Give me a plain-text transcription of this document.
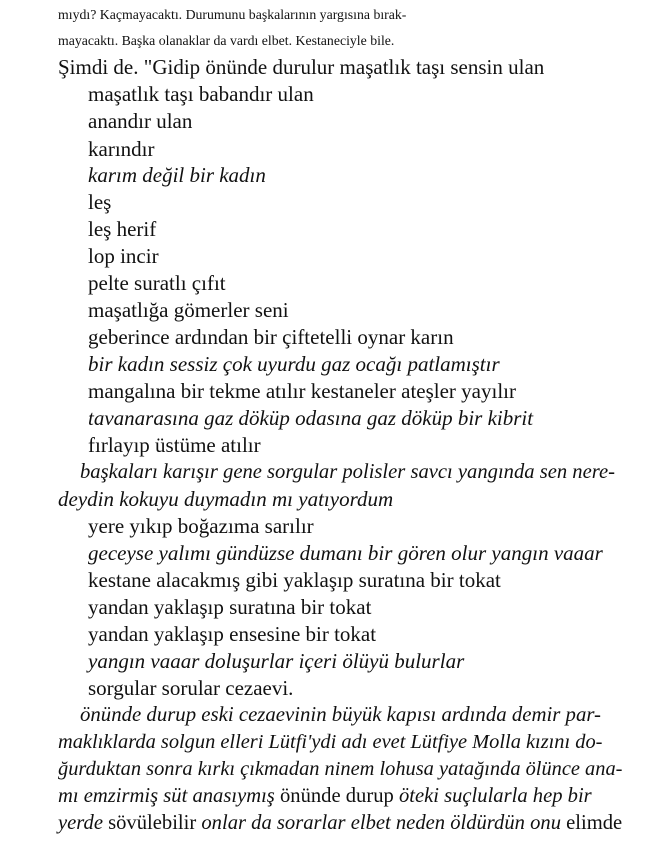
mıydı? Kaçmayacaktı. Durumunu başkalarının yargısına bırak-
mayacaktı. Başka olanaklar da vardı elbet. Kestaneciyle bile.
Şimdi de. "Gidip önünde durulur maşatlık taşı sensin ulan
maşatlık taşı babandır ulan
anandır ulan
karındır
karım değil bir kadın
leş
leş herif
lop incir
pelte suratlı çıfıt
maşatlığa gömerler seni
geberince ardından bir çiftetelli oynar karın
bir kadın sessiz çok uyurdu gaz ocağı patlamıştır
mangalına bir tekme atılır kestaneler ateşler yayılır
tavanarasına gaz döküp odasına gaz döküp bir kibrit
fırlayıp üstüme atılır
başkaları karışır gene sorgular polisler savcı yangında sen nere-
deydin kokuyu duymadın mı yatıyordum
yere yıkıp boğazıma sarılır
geceyse yalımı gündüzse dumanı bir gören olur yangın vaaar
kestane alacakmış gibi yaklaşıp suratına bir tokat
yandan yaklaşıp suratına bir tokat
yandan yaklaşıp ensesine bir tokat
yangın vaaar doluşurlar içeri ölüyü bulurlar
sorgular sorular cezaevi.
önünde durup eski cezaevinin büyük kapısı ardında demir par-
maklıklarda solgun elleri Lütfi'ydi adı evet Lütfiye Molla kızını do-
ğurduktan sonra kırkı çıkmadan ninem lohusa yatağında ölünce ana-
mı emzirmiş süt anasıymış önünde durup öteki suçlularla hep bir
yerde sövülebilir onlar da sorarlar elbet neden öldürdün onu elimde
